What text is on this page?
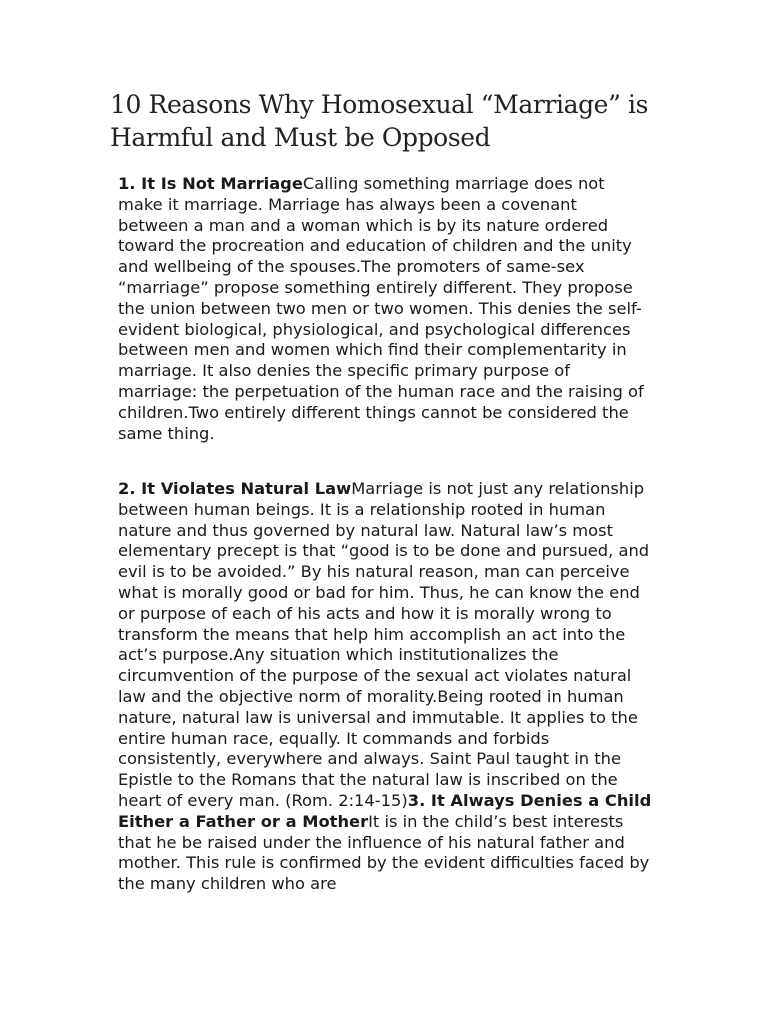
10 Reasons Why Homosexual “Marriage” is Harmful and Must be Opposed

1. It Is Not MarriageCalling something marriage does not make it marriage. Marriage has always been a covenant between a man and a woman which is by its nature ordered toward the procreation and education of children and the unity and wellbeing of the spouses.The promoters of same-sex “marriage” propose something entirely different. They propose the union between two men or two women. This denies the self-evident biological, physiological, and psychological differences between men and women which find their complementarity in marriage. It also denies the specific primary purpose of marriage: the perpetuation of the human race and the raising of children.Two entirely different things cannot be considered the same thing.

2. It Violates Natural LawMarriage is not just any relationship between human beings. It is a relationship rooted in human nature and thus governed by natural law. Natural law’s most elementary precept is that “good is to be done and pursued, and evil is to be avoided.” By his natural reason, man can perceive what is morally good or bad for him. Thus, he can know the end or purpose of each of his acts and how it is morally wrong to transform the means that help him accomplish an act into the act’s purpose.Any situation which institutionalizes the circumvention of the purpose of the sexual act violates natural law and the objective norm of morality.Being rooted in human nature, natural law is universal and immutable. It applies to the entire human race, equally. It commands and forbids consistently, everywhere and always. Saint Paul taught in the Epistle to the Romans that the natural law is inscribed on the heart of every man. (Rom. 2:14-15)3. It Always Denies a Child Either a Father or a MotherIt is in the child’s best interests that he be raised under the influence of his natural father and mother. This rule is confirmed by the evident difficulties faced by the many children who are
